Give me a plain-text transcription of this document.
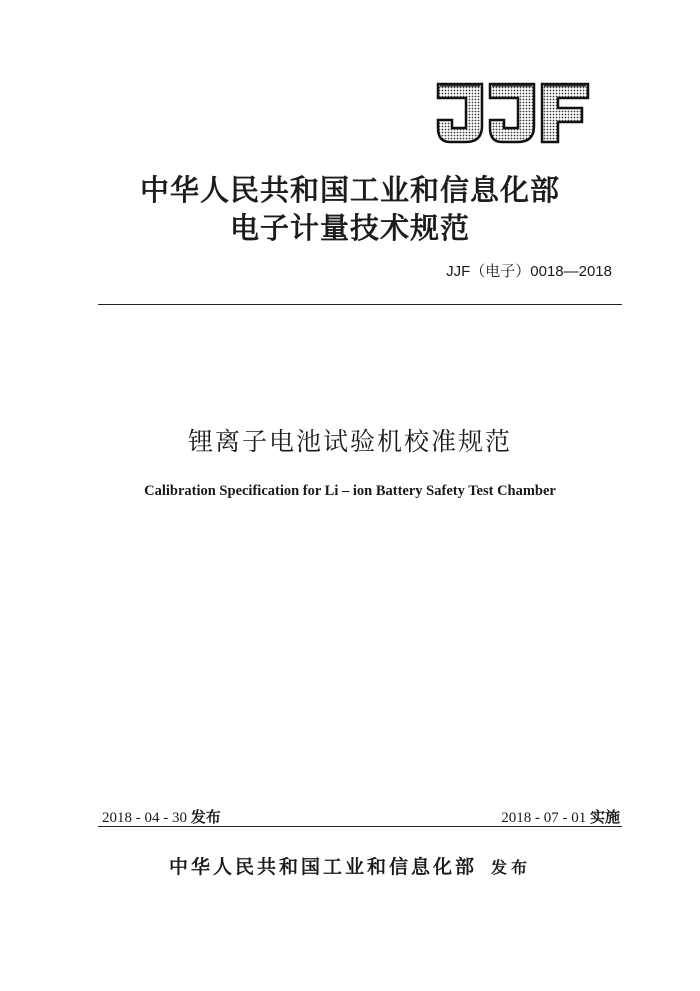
中华人民共和国工业和信息化部
电子计量技术规范
JJF（电子）0018—2018
锂离子电池试验机校准规范
Calibration Specification for Li – ion Battery Safety Test Chamber
2018 - 04 - 30 发布	2018 - 07 - 01 实施
中华人民共和国工业和信息化部 发布
